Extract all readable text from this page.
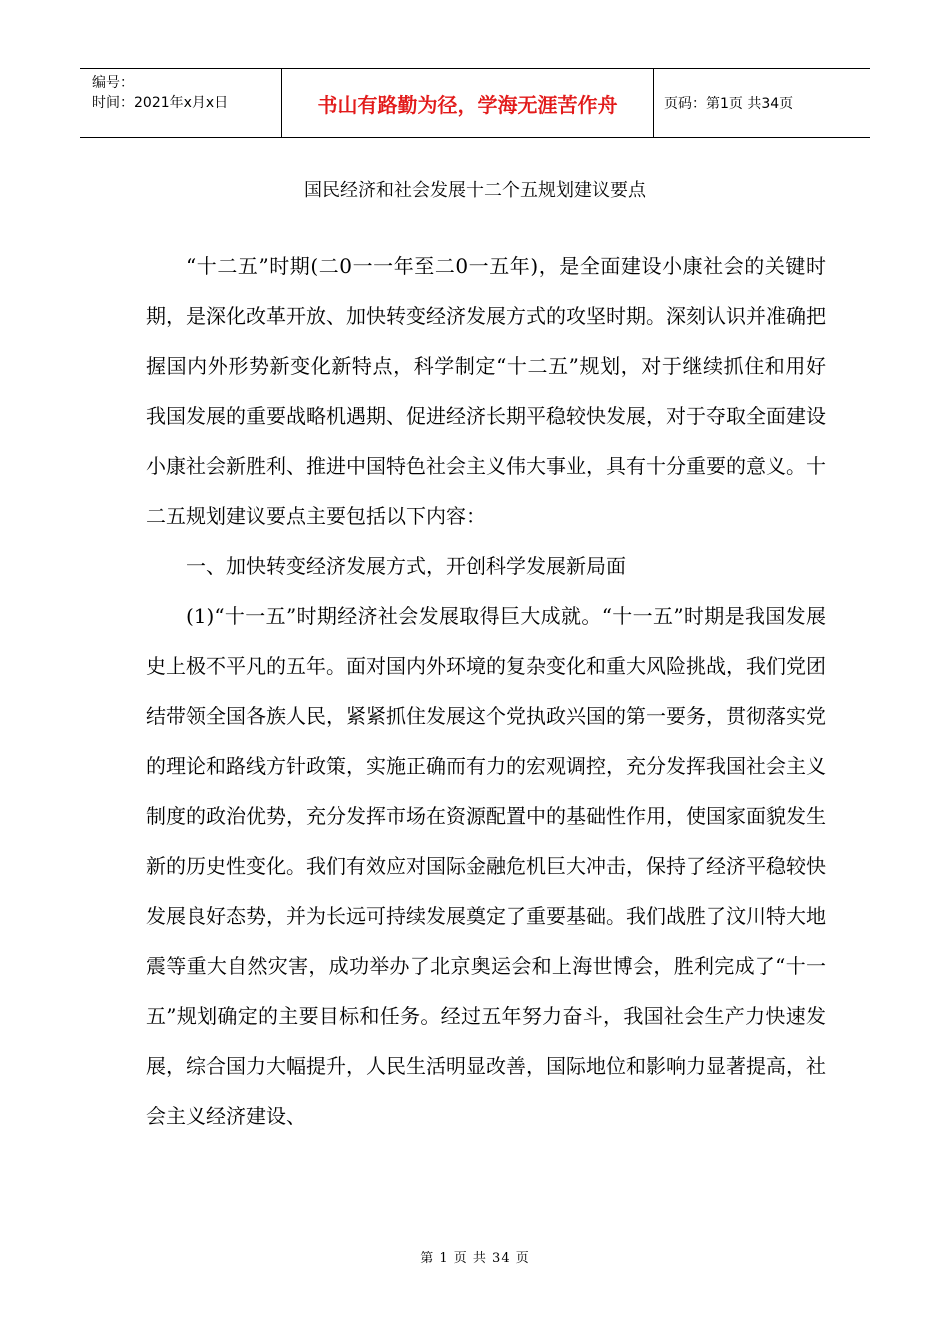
编号：
时间：2021年x月x日	书山有路勤为径，学海无涯苦作舟	页码：第1页 共34页
国民经济和社会发展十二个五规划建议要点

“十二五”时期(二0一一年至二0一五年)，是全面建设小康社会的关键时期，是深化改革开放、加快转变经济发展方式的攻坚时期。深刻认识并准确把握国内外形势新变化新特点，科学制定“十二五”规划，对于继续抓住和用好我国发展的重要战略机遇期、促进经济长期平稳较快发展，对于夺取全面建设小康社会新胜利、推进中国特色社会主义伟大事业，具有十分重要的意义。十二五规划建议要点主要包括以下内容：

一、加快转变经济发展方式，开创科学发展新局面

(1)“十一五”时期经济社会发展取得巨大成就。“十一五”时期是我国发展史上极不平凡的五年。面对国内外环境的复杂变化和重大风险挑战，我们党团结带领全国各族人民，紧紧抓住发展这个党执政兴国的第一要务，贯彻落实党的理论和路线方针政策，实施正确而有力的宏观调控，充分发挥我国社会主义制度的政治优势，充分发挥市场在资源配置中的基础性作用，使国家面貌发生新的历史性变化。我们有效应对国际金融危机巨大冲击，保持了经济平稳较快发展良好态势，并为长远可持续发展奠定了重要基础。我们战胜了汶川特大地震等重大自然灾害，成功举办了北京奥运会和上海世博会，胜利完成了“十一五”规划确定的主要目标和任务。经过五年努力奋斗，我国社会生产力快速发展，综合国力大幅提升，人民生活明显改善，国际地位和影响力显著提高，社会主义经济建设、

第 1 页 共 34 页
